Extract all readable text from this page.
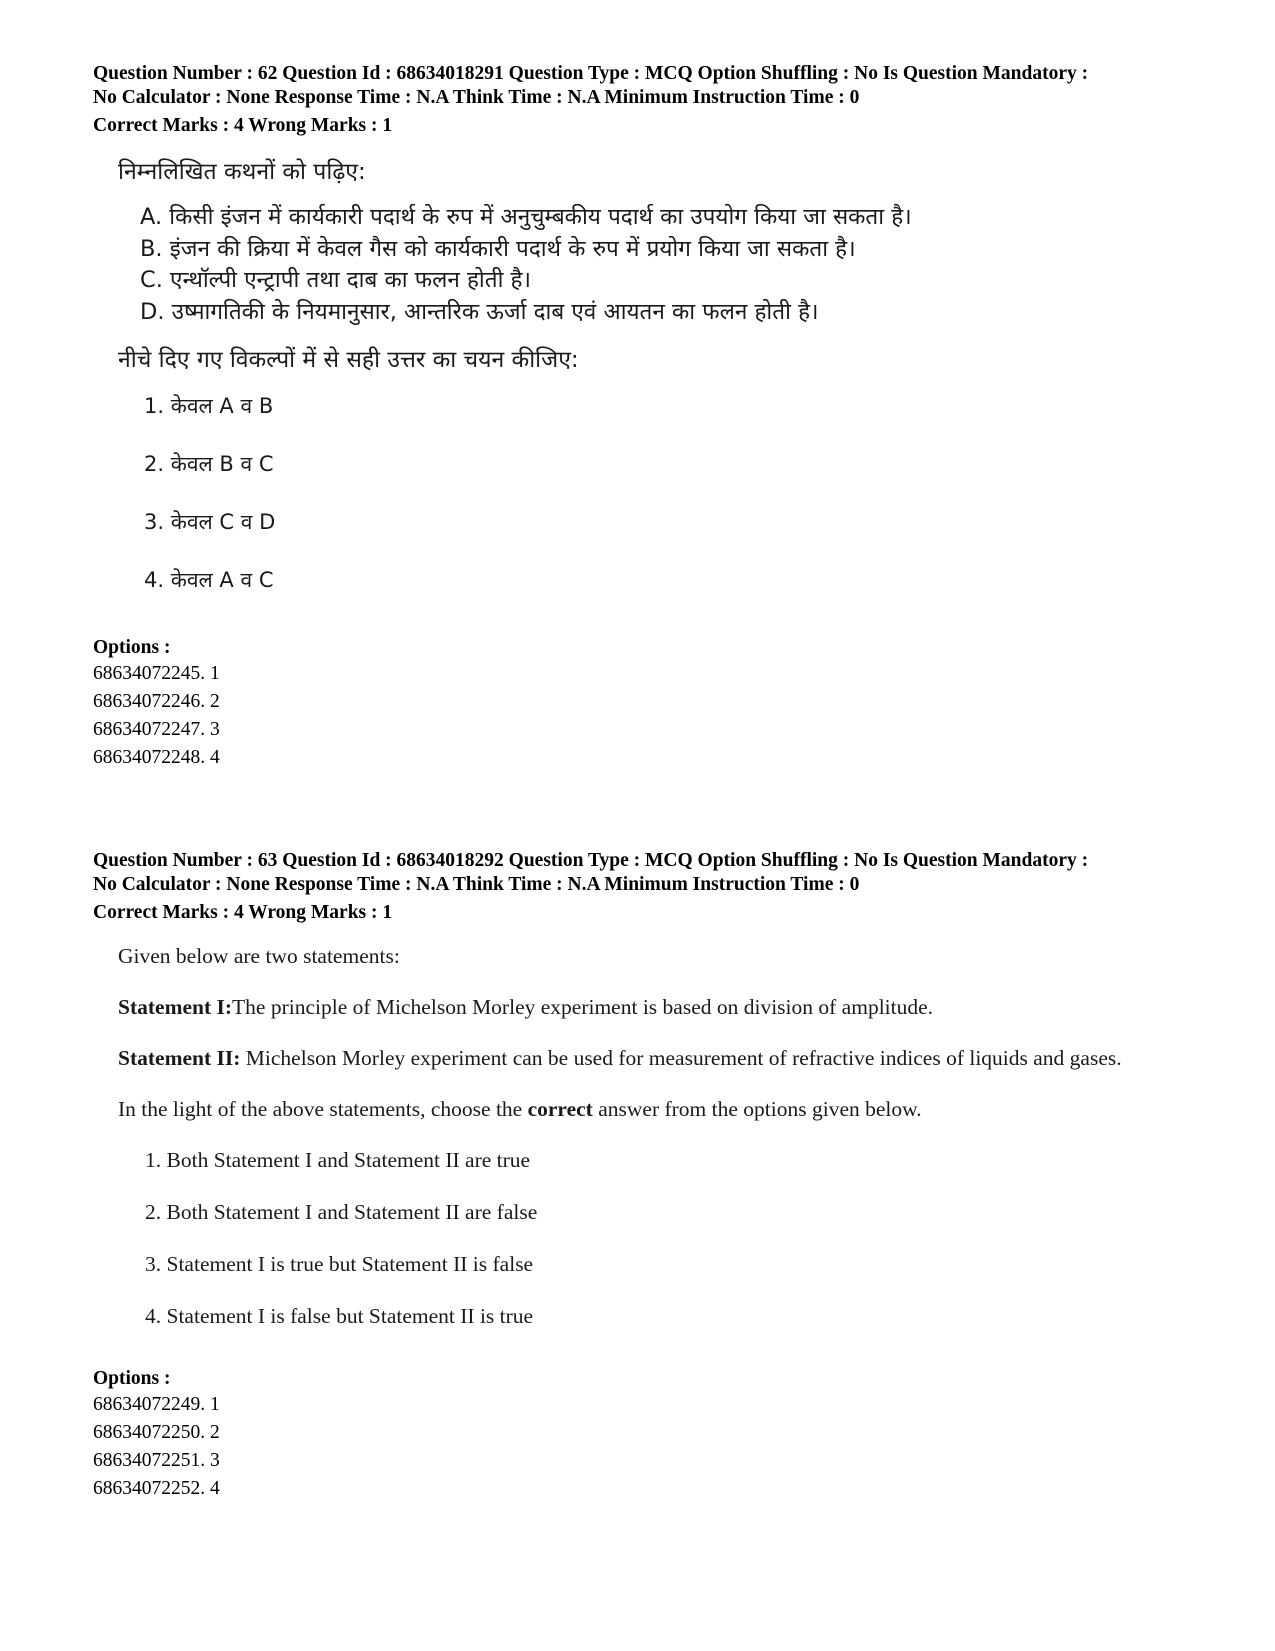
Question Number : 62 Question Id : 68634018291 Question Type : MCQ Option Shuffling : No Is Question Mandatory :
No Calculator : None Response Time : N.A Think Time : N.A Minimum Instruction Time : 0
Correct Marks : 4 Wrong Marks : 1
निम्नलिखित कथनों को पढ़िए:
A. किसी इंजन में कार्यकारी पदार्थ के रुप में अनुचुम्बकीय पदार्थ का उपयोग किया जा सकता है।
B. इंजन की क्रिया में केवल गैस को कार्यकारी पदार्थ के रुप में प्रयोग किया जा सकता है।
C. एन्थॉल्पी एन्ट्रापी तथा दाब का फलन होती है।
D. उष्मागतिकी के नियमानुसार, आन्तरिक ऊर्जा दाब एवं आयतन का फलन होती है।
नीचे दिए गए विकल्पों में से सही उत्तर का चयन कीजिए:
1. केवल A व B
2. केवल B व C
3. केवल C व D
4. केवल A व C
Options :
68634072245. 1
68634072246. 2
68634072247. 3
68634072248. 4
Question Number : 63 Question Id : 68634018292 Question Type : MCQ Option Shuffling : No Is Question Mandatory :
No Calculator : None Response Time : N.A Think Time : N.A Minimum Instruction Time : 0
Correct Marks : 4 Wrong Marks : 1

Given below are two statements:

Statement I:The principle of Michelson Morley experiment is based on division of amplitude.

Statement II: Michelson Morley experiment can be used for measurement of refractive indices of liquids and gases.

In the light of the above statements, choose the correct answer from the options given below.

1. Both Statement I and Statement II are true
2. Both Statement I and Statement II are false
3. Statement I is true but Statement II is false
4. Statement I is false but Statement II is true
Options :
68634072249. 1
68634072250. 2
68634072251. 3
68634072252. 4
